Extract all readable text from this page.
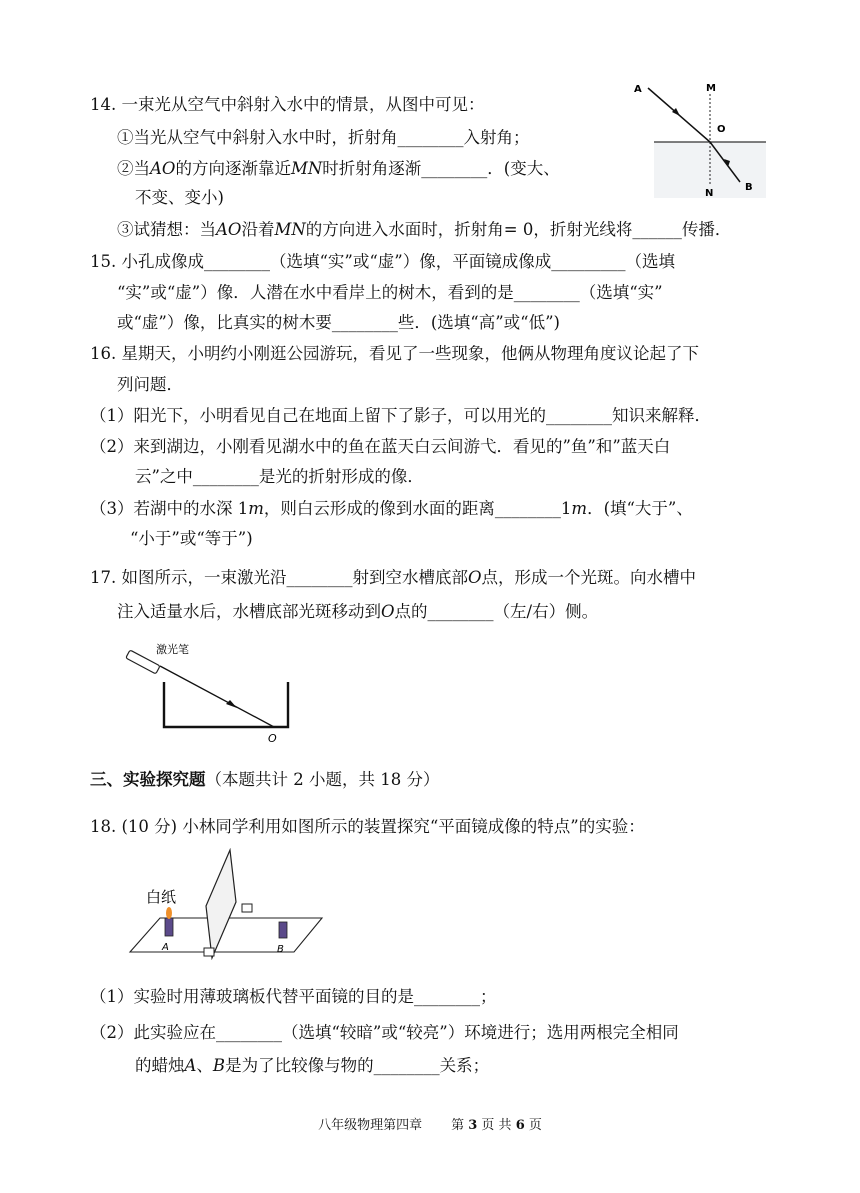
14. 一束光从空气中斜射入水中的情景，从图中可见：
①当光从空气中斜射入水中时，折射角________入射角；
②当AO的方向逐渐靠近MN时折射角逐渐________．(变大、
不变、变小)
③试猜想：当AO沿着MN的方向进入水面时，折射角= 0，折射光线将______传播．
A	M
O
N
B
15. 小孔成像成________（选填“实”或“虚”）像，平面镜成像成_________（选填
“实”或“虚”）像．人潜在水中看岸上的树木，看到的是________（选填“实”
或“虚”）像，比真实的树木要________些．(选填“高”或“低”)
16. 星期天，小明约小刚逛公园游玩，看见了一些现象，他俩从物理角度议论起了下
列问题．
（1）阳光下，小明看见自己在地面上留下了影子，可以用光的________知识来解释．
（2）来到湖边，小刚看见湖水中的鱼在蓝天白云间游弋．看见的”鱼”和”蓝天白
云”之中________是光的折射形成的像．
（3）若湖中的水深 1m，则白云形成的像到水面的距离________1m．(填“大于”、
“小于”或“等于”)
17. 如图所示，一束激光沿________射到空水槽底部O点，形成一个光斑。向水槽中
注入适量水后，水槽底部光斑移动到O点的________（左/右）侧。
激光笔
O
三、实验探究题（本题共计 2 小题，共 18 分）
18. (10 分) 小林同学利用如图所示的装置探究“平面镜成像的特点”的实验：
白纸
A	B
（1）实验时用薄玻璃板代替平面镜的目的是________；
（2）此实验应在________（选填“较暗”或“较亮”）环境进行；选用两根完全相同
的蜡烛A、B是为了比较像与物的________关系；
八年级物理第四章 第 3 页 共 6 页
